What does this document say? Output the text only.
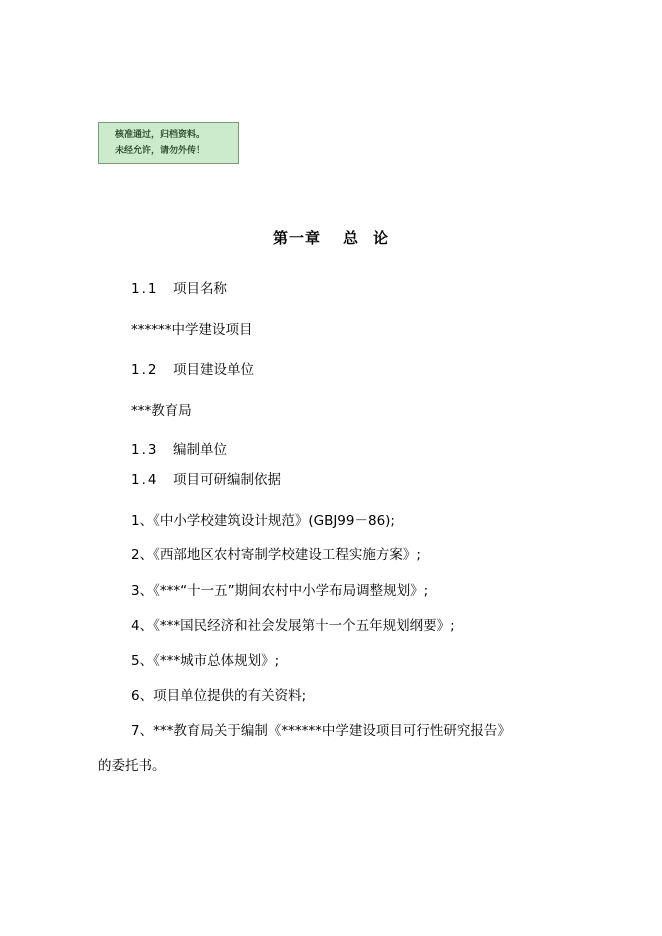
核准通过，归档资料。
未经允许，请勿外传！
第一章 总 论
1.1 项目名称
******中学建设项目
1.2 项目建设单位
***教育局
1.3 编制单位
1.4 项目可研编制依据
1、《中小学校建筑设计规范》(GBJ99－86);
2、《西部地区农村寄制学校建设工程实施方案》;
3、《***“十一五”期间农村中小学布局调整规划》;
4、《***国民经济和社会发展第十一个五年规划纲要》;
5、《***城市总体规划》;
6、项目单位提供的有关资料;
7、***教育局关于编制《******中学建设项目可行性研究报告》
的委托书。
